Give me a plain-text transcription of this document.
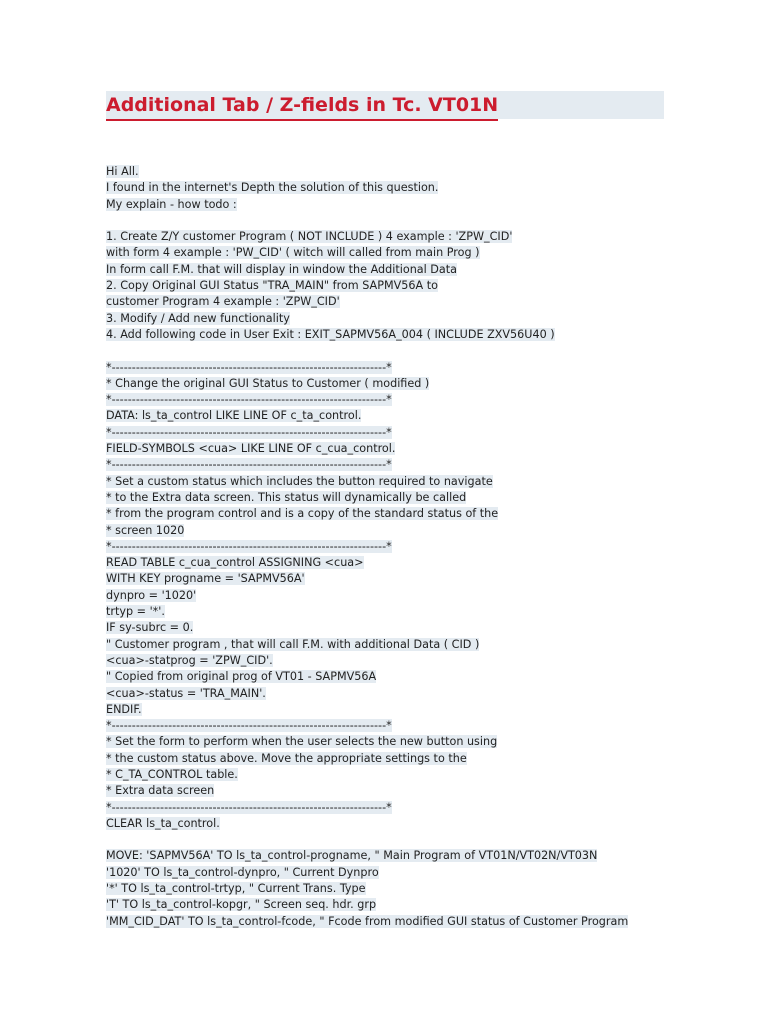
Additional Tab / Z-fields in Tc. VT01N
Hi All.
I found in the internet's Depth the solution of this question.
My explain - how todo :
1. Create Z/Y customer Program ( NOT INCLUDE ) 4 example : 'ZPW_CID'
with form 4 example : 'PW_CID' ( witch will called from main Prog )
In form call F.M. that will display in window the Additional Data
2. Copy Original GUI Status "TRA_MAIN" from SAPMV56A to
customer Program 4 example : 'ZPW_CID'
3. Modify / Add new functionality
4. Add following code in User Exit : EXIT_SAPMV56A_004 ( INCLUDE ZXV56U40 )
*--------------------------------------------------------------------*
* Change the original GUI Status to Customer ( modified )
*--------------------------------------------------------------------*
DATA: ls_ta_control LIKE LINE OF c_ta_control.
*--------------------------------------------------------------------*
FIELD-SYMBOLS <cua> LIKE LINE OF c_cua_control.
*--------------------------------------------------------------------*
* Set a custom status which includes the button required to navigate
* to the Extra data screen. This status will dynamically be called
* from the program control and is a copy of the standard status of the
* screen 1020
*--------------------------------------------------------------------*
READ TABLE c_cua_control ASSIGNING <cua>
WITH KEY progname = 'SAPMV56A'
dynpro = '1020'
trtyp = '*'.
IF sy-subrc = 0.
" Customer program , that will call F.M. with additional Data ( CID )
<cua>-statprog = 'ZPW_CID'.
" Copied from original prog of VT01 - SAPMV56A
<cua>-status = 'TRA_MAIN'.
ENDIF.
*--------------------------------------------------------------------*
* Set the form to perform when the user selects the new button using
* the custom status above. Move the appropriate settings to the
* C_TA_CONTROL table.
* Extra data screen
*--------------------------------------------------------------------*
CLEAR ls_ta_control.
MOVE: 'SAPMV56A' TO ls_ta_control-progname, " Main Program of VT01N/VT02N/VT03N
'1020' TO ls_ta_control-dynpro, " Current Dynpro
'*' TO ls_ta_control-trtyp, " Current Trans. Type
'T' TO ls_ta_control-kopgr, " Screen seq. hdr. grp
'MM_CID_DAT' TO ls_ta_control-fcode, " Fcode from modified GUI status of Customer Program
